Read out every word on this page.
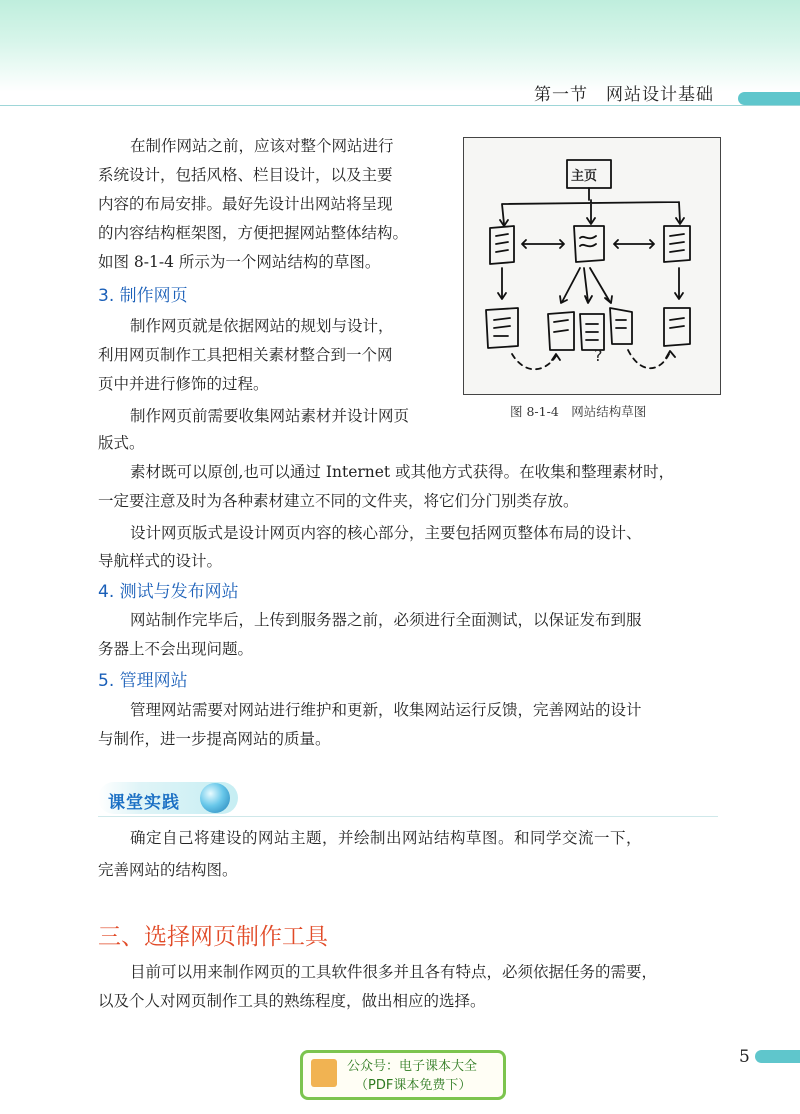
第一节　网站设计基础
在制作网站之前，应该对整个网站进行
系统设计，包括风格、栏目设计，以及主要
内容的布局安排。最好先设计出网站将呈现
的内容结构框架图，方便把握网站整体结构。
如图 8-1-4 所示为一个网站结构的草图。
3. 制作网页
制作网页就是依据网站的规划与设计，
利用网页制作工具把相关素材整合到一个网
页中并进行修饰的过程。
制作网页前需要收集网站素材并设计网页
版式。
主页
?
图 8-1-4　网站结构草图
素材既可以原创,也可以通过 Internet 或其他方式获得。在收集和整理素材时，
一定要注意及时为各种素材建立不同的文件夹，将它们分门别类存放。
设计网页版式是设计网页内容的核心部分，主要包括网页整体布局的设计、
导航样式的设计。
4. 测试与发布网站
网站制作完毕后，上传到服务器之前，必须进行全面测试，以保证发布到服
务器上不会出现问题。
5. 管理网站
管理网站需要对网站进行维护和更新，收集网站运行反馈，完善网站的设计
与制作，进一步提高网站的质量。
课堂实践
确定自己将建设的网站主题，并绘制出网站结构草图。和同学交流一下，
完善网站的结构图。
三、选择网页制作工具
目前可以用来制作网页的工具软件很多并且各有特点，必须依据任务的需要，
以及个人对网页制作工具的熟练程度，做出相应的选择。
公众号：电子课本大全
（PDF课本免费下）
5
